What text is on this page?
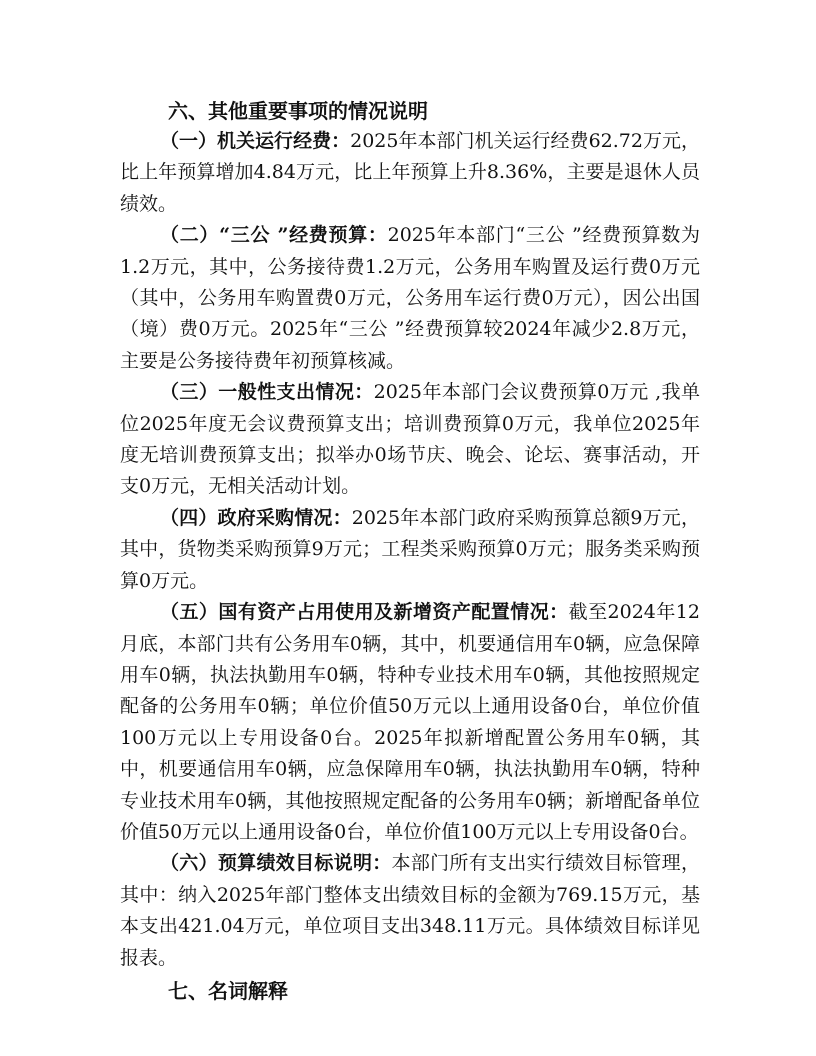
六、其他重要事项的情况说明

（一）机关运行经费：2025年本部门机关运行经费62.72万元，比上年预算增加4.84万元，比上年预算上升8.36%，主要是退休人员绩效。

（二）“三公 ”经费预算：2025年本部门“三公 ”经费预算数为1.2万元，其中，公务接待费1.2万元，公务用车购置及运行费0万元（其中，公务用车购置费0万元，公务用车运行费0万元），因公出国（境）费0万元。2025年“三公 ”经费预算较2024年减少2.8万元，主要是公务接待费年初预算核减。

（三）一般性支出情况：2025年本部门会议费预算0万元 ,我单位2025年度无会议费预算支出；培训费预算0万元，我单位2025年度无培训费预算支出；拟举办0场节庆、晚会、论坛、赛事活动，开支0万元，无相关活动计划。

（四）政府采购情况：2025年本部门政府采购预算总额9万元，其中，货物类采购预算9万元；工程类采购预算0万元；服务类采购预算0万元。

（五）国有资产占用使用及新增资产配置情况：截至2024年12月底，本部门共有公务用车0辆，其中，机要通信用车0辆，应急保障用车0辆，执法执勤用车0辆，特种专业技术用车0辆，其他按照规定配备的公务用车0辆；单位价值50万元以上通用设备0台，单位价值100万元以上专用设备0台。2025年拟新增配置公务用车0辆，其中，机要通信用车0辆，应急保障用车0辆，执法执勤用车0辆，特种专业技术用车0辆，其他按照规定配备的公务用车0辆；新增配备单位价值50万元以上通用设备0台，单位价值100万元以上专用设备0台。

（六）预算绩效目标说明：本部门所有支出实行绩效目标管理，其中：纳入2025年部门整体支出绩效目标的金额为769.15万元，基本支出421.04万元，单位项目支出348.11万元。具体绩效目标详见报表。

七、名词解释
